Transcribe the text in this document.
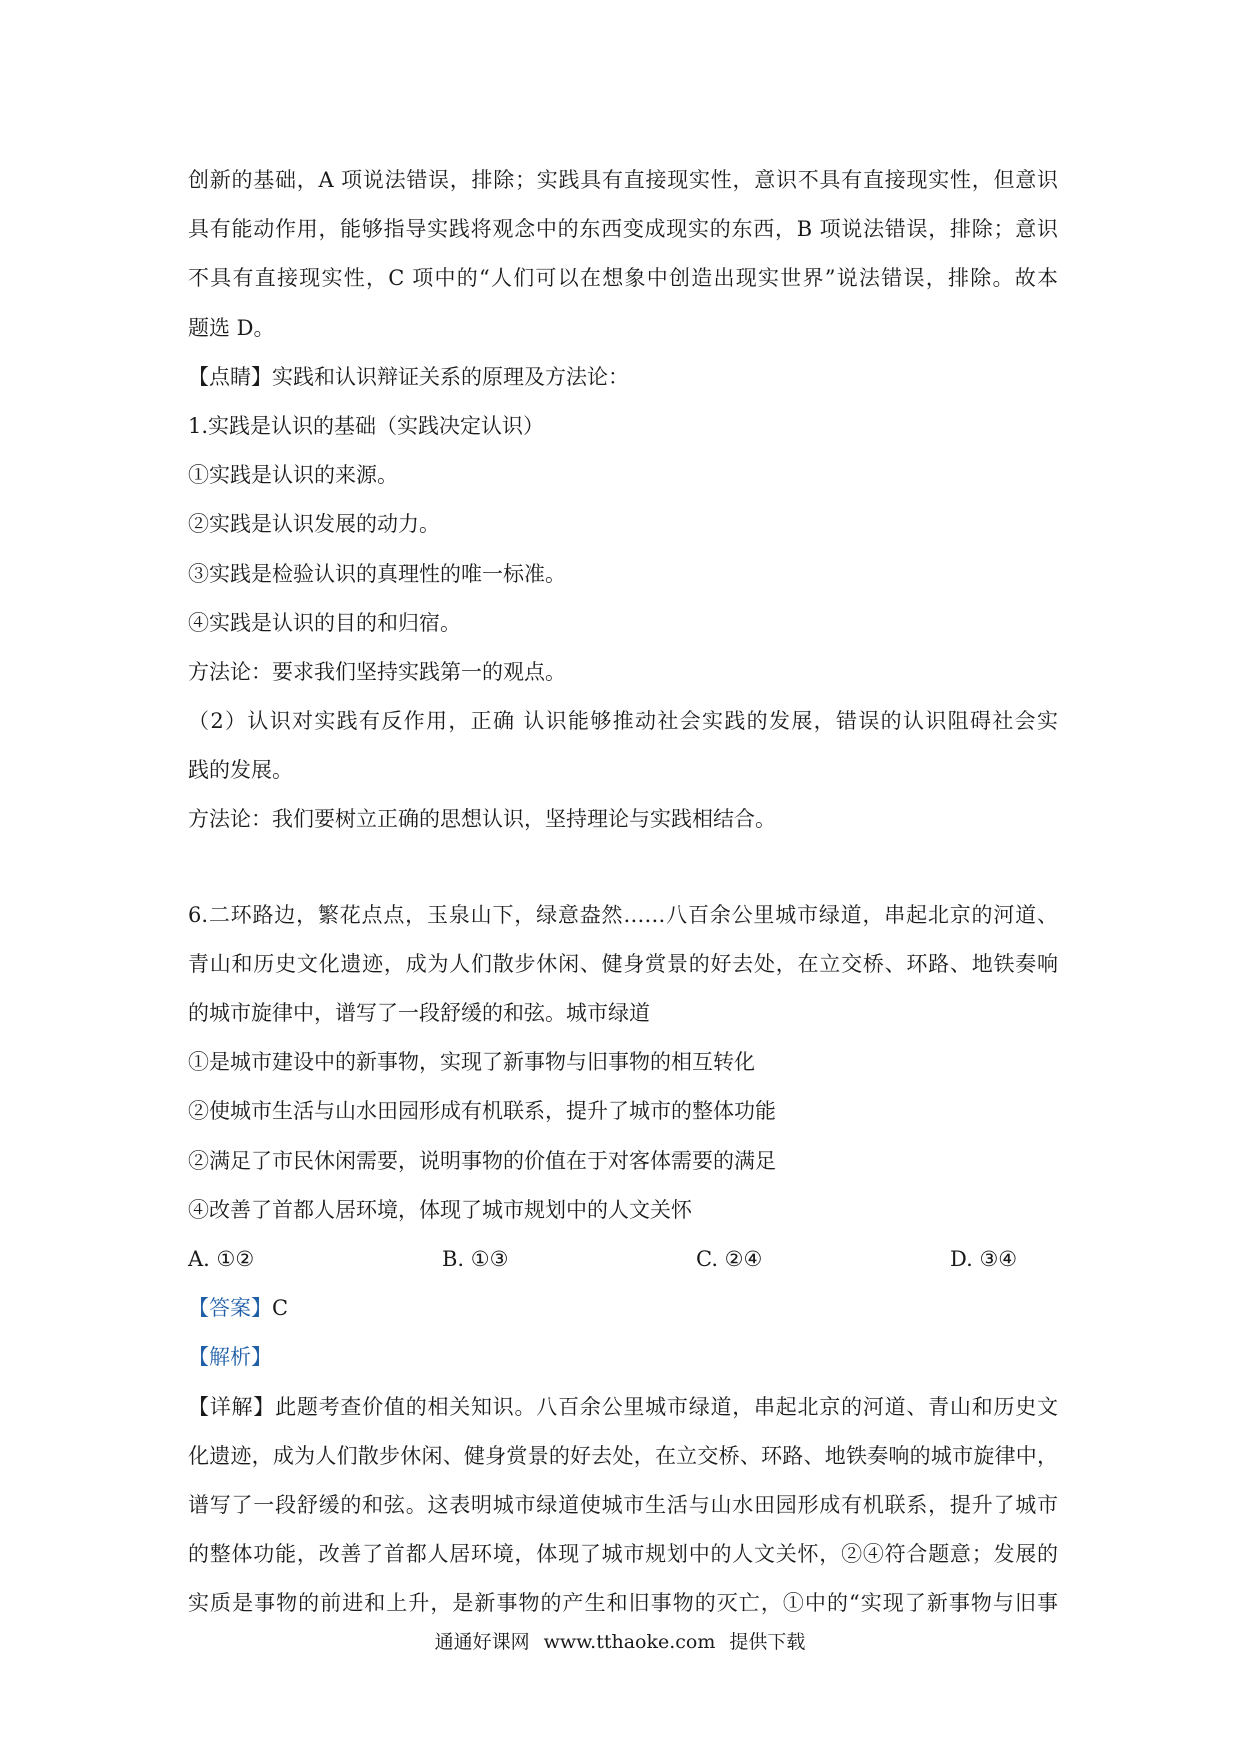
创新的基础，A 项说法错误，排除；实践具有直接现实性，意识不具有直接现实性，但意识
具有能动作用，能够指导实践将观念中的东西变成现实的东西，B 项说法错误，排除；意识
不具有直接现实性，C 项中的“人们可以在想象中创造出现实世界”说法错误，排除。故本
题选 D。
【点睛】实践和认识辩证关系的原理及方法论：
1.实践是认识的基础（实践决定认识）
①实践是认识的来源。
②实践是认识发展的动力。
③实践是检验认识的真理性的唯一标准。
④实践是认识的目的和归宿。
方法论：要求我们坚持实践第一的观点。
（2）认识对实践有反作用，正确 认识能够推动社会实践的发展，错误的认识阻碍社会实
践的发展。
方法论：我们要树立正确的思想认识，坚持理论与实践相结合。
6.二环路边，繁花点点，玉泉山下，绿意盎然……八百余公里城市绿道，串起北京的河道、
青山和历史文化遗迹，成为人们散步休闲、健身赏景的好去处，在立交桥、环路、地铁奏响
的城市旋律中，谱写了一段舒缓的和弦。城市绿道
①是城市建设中的新事物，实现了新事物与旧事物的相互转化
②使城市生活与山水田园形成有机联系，提升了城市的整体功能
②满足了市民休闲需要，说明事物的价值在于对客体需要的满足
④改善了首都人居环境，体现了城市规划中的人文关怀
A. ①②	B. ①③	C. ②④	D. ③④
【答案】C
【解析】
【详解】此题考查价值的相关知识。八百余公里城市绿道，串起北京的河道、青山和历史文
化遗迹，成为人们散步休闲、健身赏景的好去处，在立交桥、环路、地铁奏响的城市旋律中，
谱写了一段舒缓的和弦。这表明城市绿道使城市生活与山水田园形成有机联系，提升了城市
的整体功能，改善了首都人居环境，体现了城市规划中的人文关怀，②④符合题意；发展的
实质是事物的前进和上升，是新事物的产生和旧事物的灭亡，①中的“实现了新事物与旧事
通通好课网 www.tthaoke.com 提供下载
